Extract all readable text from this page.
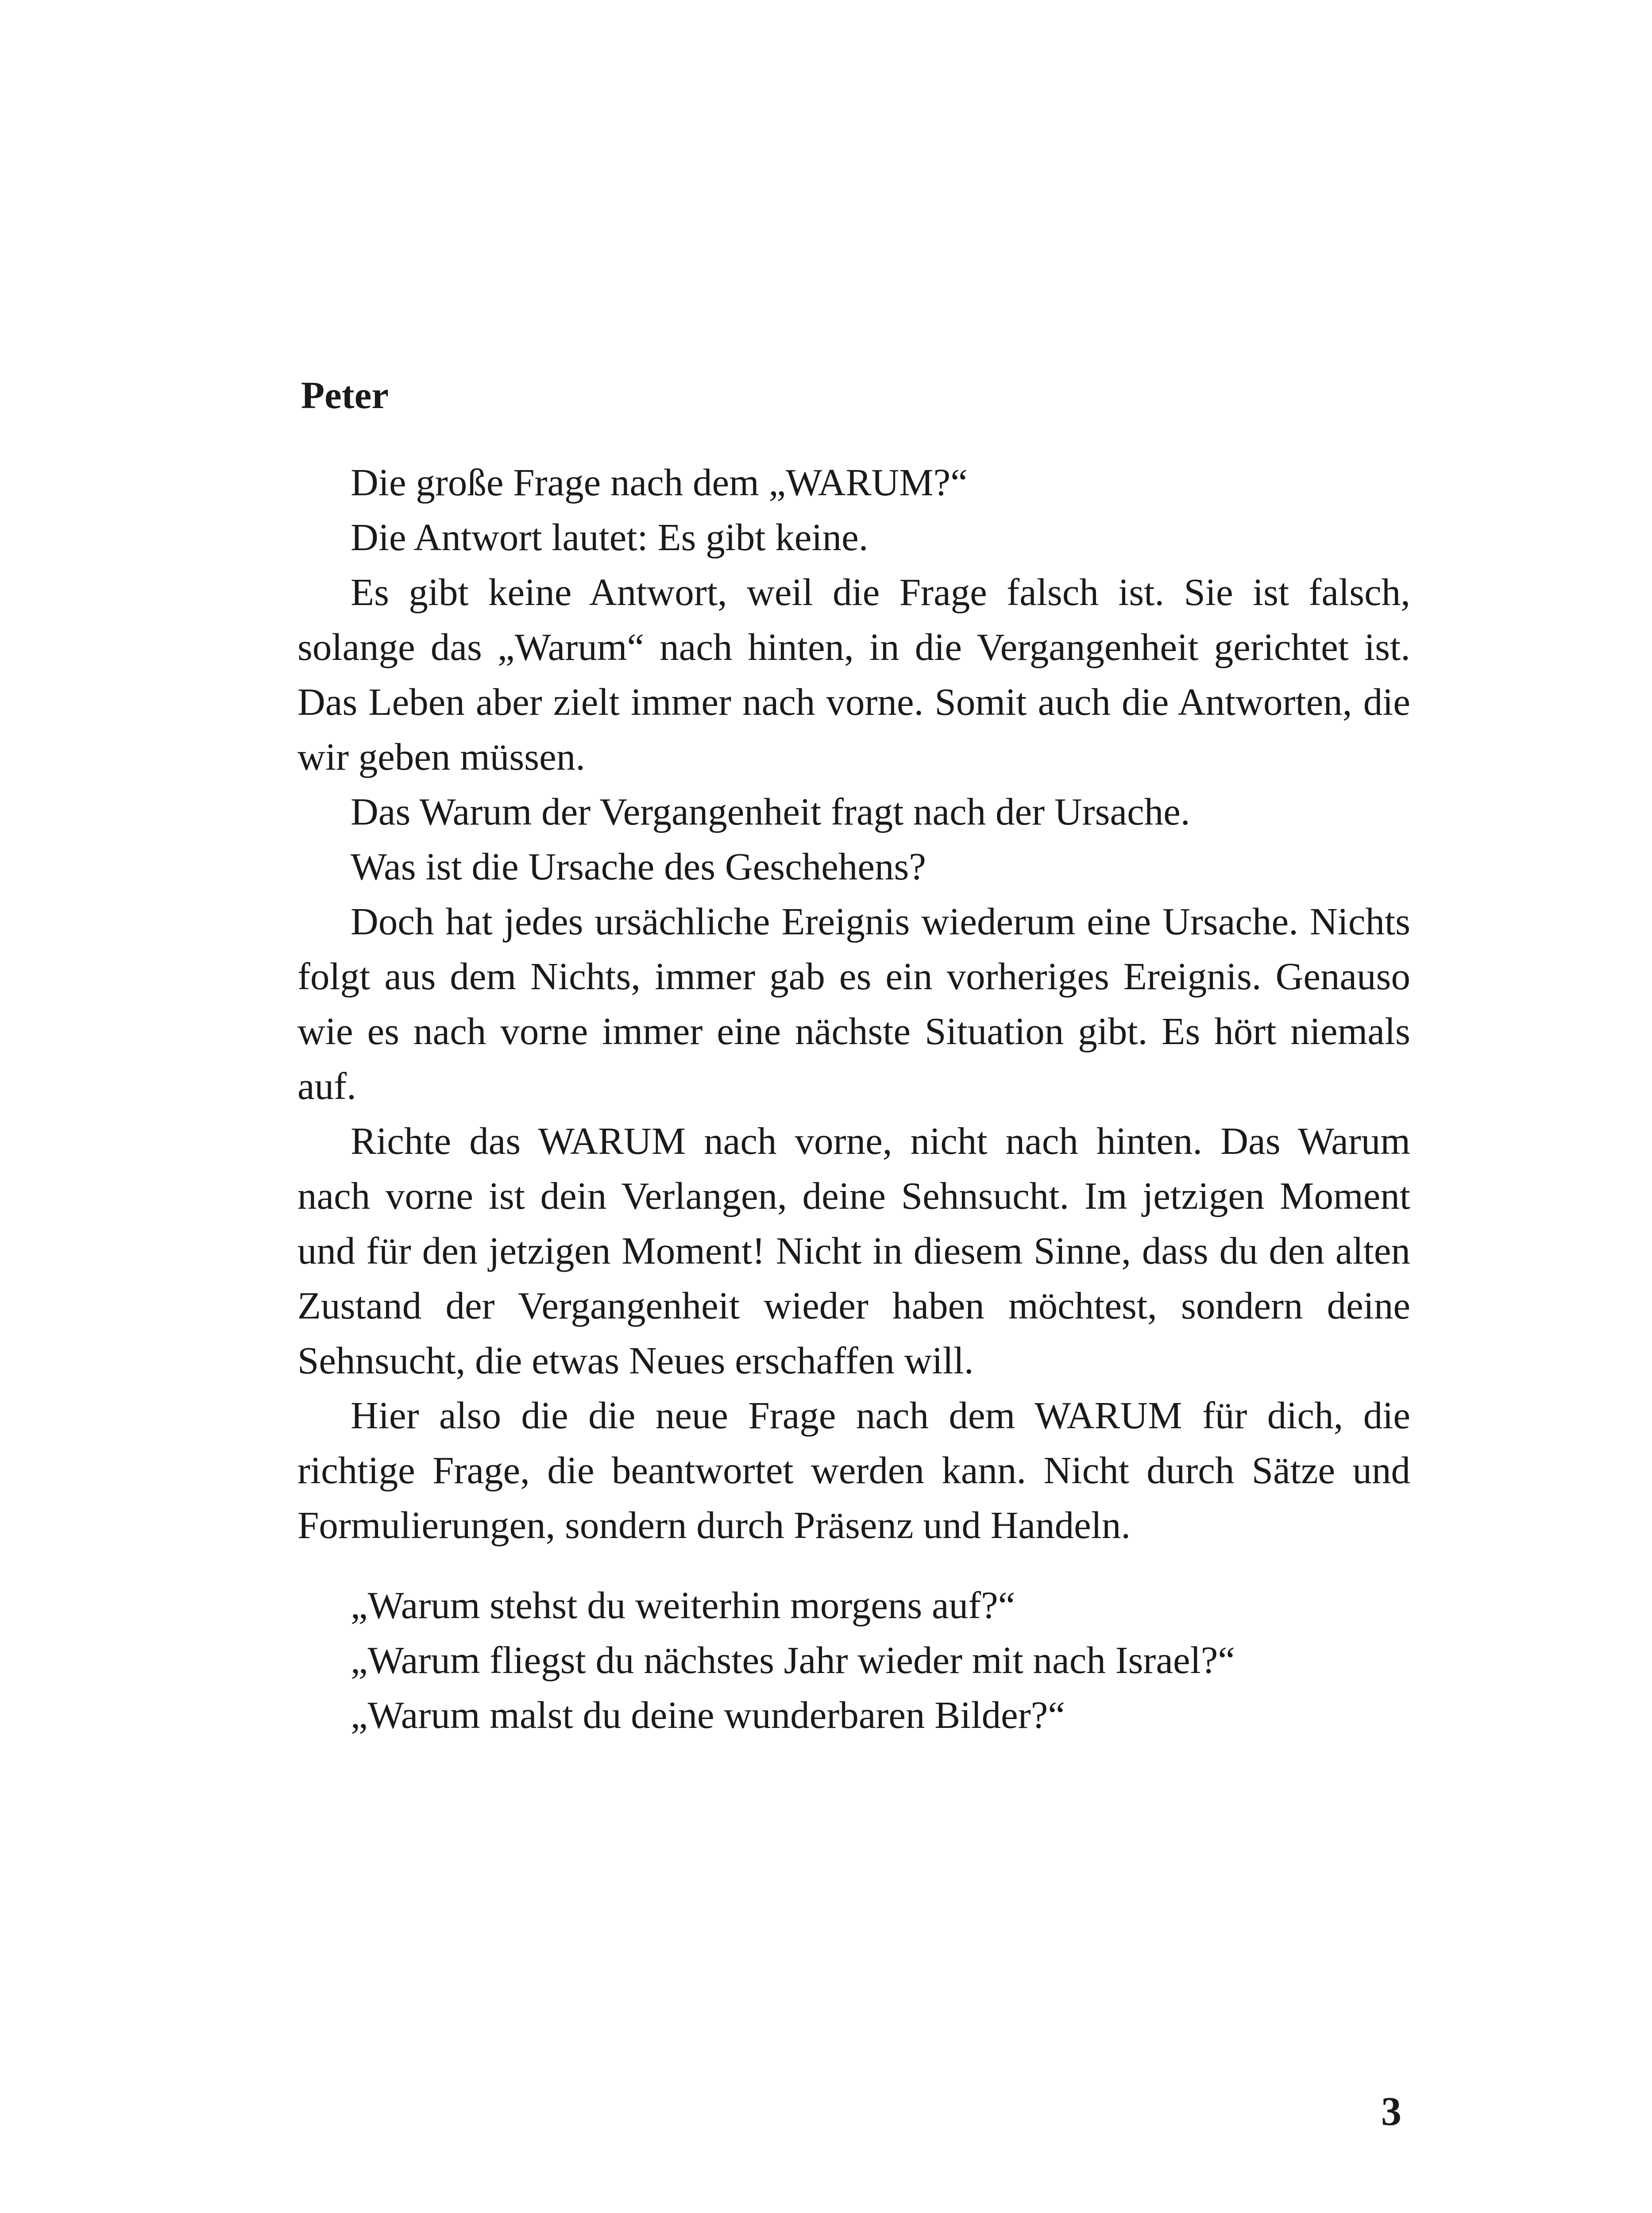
Peter

Die große Frage nach dem „WARUM?“

Die Antwort lautet: Es gibt keine.

Es gibt keine Antwort, weil die Frage falsch ist. Sie ist falsch, solange das „Warum“ nach hinten, in die Vergangenheit gerichtet ist. Das Leben aber zielt immer nach vorne. Somit auch die Antworten, die wir geben müssen.

Das Warum der Vergangenheit fragt nach der Ursache.

Was ist die Ursache des Geschehens?

Doch hat jedes ursächliche Ereignis wiederum eine Ursache. Nichts folgt aus dem Nichts, immer gab es ein vorheriges Ereignis. Genauso wie es nach vorne immer eine nächste Situation gibt. Es hört niemals auf.

Richte das WARUM nach vorne, nicht nach hinten. Das Warum nach vorne ist dein Verlangen, deine Sehnsucht. Im jetzigen Moment und für den jetzigen Moment! Nicht in diesem Sinne, dass du den alten Zustand der Vergangenheit wieder haben möchtest, sondern deine Sehnsucht, die etwas Neues erschaffen will.

Hier also die die neue Frage nach dem WARUM für dich, die richtige Frage, die beantwortet werden kann. Nicht durch Sätze und Formulierungen, sondern durch Präsenz und Handeln.

„Warum stehst du weiterhin morgens auf?“

„Warum fliegst du nächstes Jahr wieder mit nach Israel?“

„Warum malst du deine wunderbaren Bilder?“

3
